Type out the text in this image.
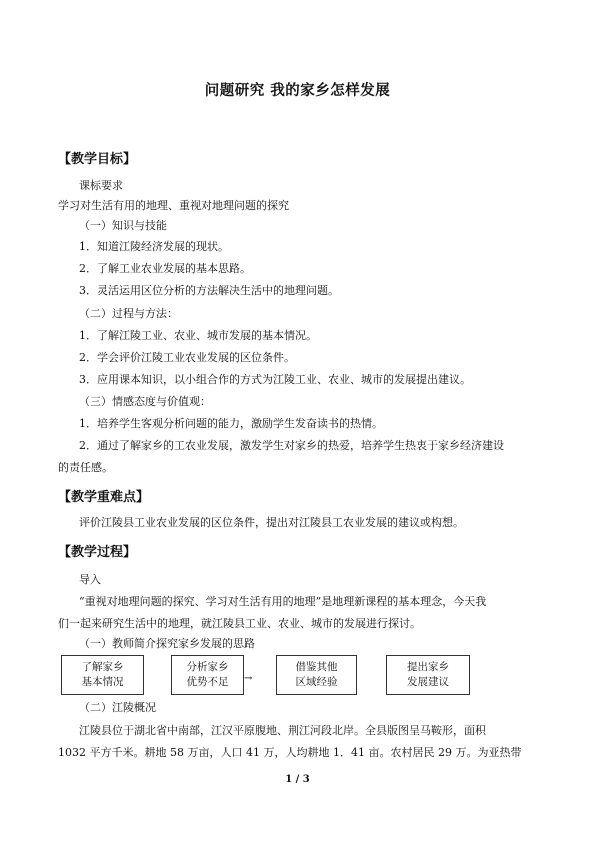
问题研究 我的家乡怎样发展
【教学目标】
课标要求
学习对生活有用的地理、重视对地理问题的探究
（一）知识与技能
1．知道江陵经济发展的现状。
2．了解工业农业发展的基本思路。
3．灵活运用区位分析的方法解决生活中的地理问题。
（二）过程与方法：
1．了解江陵工业、农业、城市发展的基本情况。
2．学会评价江陵工业农业发展的区位条件。
3．应用课本知识，以小组合作的方式为江陵工业、农业、城市的发展提出建议。
（三）情感态度与价值观：
1．培养学生客观分析问题的能力，激励学生发奋读书的热情。
2．通过了解家乡的工农业发展，激发学生对家乡的热爱，培养学生热衷于家乡经济建设
的责任感。
【教学重难点】
评价江陵县工业农业发展的区位条件，提出对江陵县工农业发展的建议或构想。
【教学过程】
导入
“重视对地理问题的探究、学习对生活有用的地理”是地理新课程的基本理念，今天我
们一起来研究生活中的地理，就江陵县工业、农业、城市的发展进行探讨。
（一）教师简介探究家乡发展的思路
了解家乡
基本情况
分析家乡
优势不足	→
借鉴其他
区域经验
提出家乡
发展建议
（二）江陵概况
江陵县位于湖北省中南部，江汉平原腹地、荆江河段北岸。全县版图呈马鞍形，面积
1032 平方千米。耕地 58 万亩，人口 41 万，人均耕地 1．41 亩。农村居民 29 万。为亚热带
1 / 3
